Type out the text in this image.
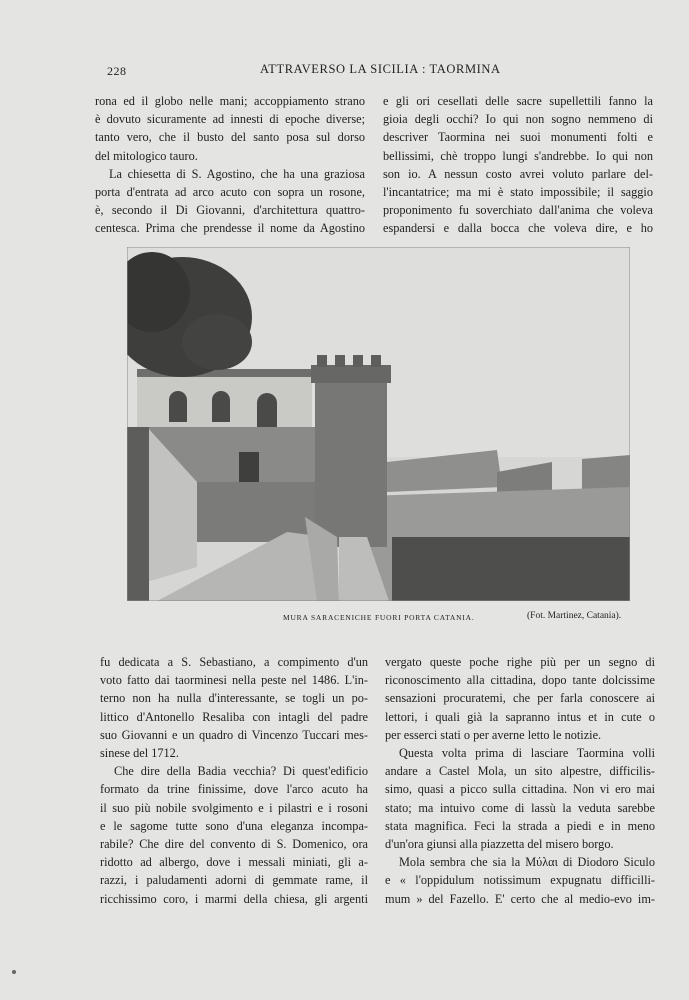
228	ATTRAVERSO LA SICILIA : TAORMINA
rona ed il globo nelle mani; accoppiamento strano
è dovuto sicuramente ad innesti di epoche diverse;
tanto vero, che il busto del santo posa sul dorso
del mitologico tauro.
La chiesetta di S. Agostino, che ha una graziosa
porta d'entrata ad arco acuto con sopra un rosone,
è, secondo il Di Giovanni, d'architettura quattro-
centesca. Prima che prendesse il nome da Agostino
e gli ori cesellati delle sacre supellettili fanno la
gioia degli occhi? Io qui non sogno nemmeno di
descriver Taormina nei suoi monumenti folti e
bellissimi, chè troppo lungi s'andrebbe. Io qui non
son io. A nessun costo avrei voluto parlare del-
l'incantatrice; ma mi è stato impossibile; il saggio
proponimento fu soverchiato dall'anima che voleva
espandersi e dalla bocca che voleva dire, e ho
MURA SARACENICHE FUORI PORTA CATANIA.	(Fot. Martinez, Catania).
fu dedicata a S. Sebastiano, a compimento d'un
voto fatto dai taorminesi nella peste nel 1486. L'in-
terno non ha nulla d'interessante, se togli un po-
littico d'Antonello Resaliba con intagli del padre
suo Giovanni e un quadro di Vincenzo Tuccari mes-
sinese del 1712.
Che dire della Badia vecchia? Di quest'edificio
formato da trine finissime, dove l'arco acuto ha
il suo più nobile svolgimento e i pilastri e i rosoni
e le sagome tutte sono d'una eleganza incompa-
rabile? Che dire del convento di S. Domenico, ora
ridotto ad albergo, dove i messali miniati, gli a-
razzi, i paludamenti adorni di gemmate rame, il
ricchissimo coro, i marmi della chiesa, gli argenti
vergato queste poche righe più per un segno di
riconoscimento alla cittadina, dopo tante dolcissime
sensazioni procuratemi, che per farla conoscere ai
lettori, i quali già la sapranno intus et in cute o
per esserci stati o per averne letto le notizie.
Questa volta prima di lasciare Taormina volli
andare a Castel Mola, un sito alpestre, difficilis-
simo, quasi a picco sulla cittadina. Non vi ero mai
stato; ma intuivo come di lassù la veduta sarebbe
stata magnifica. Feci la strada a piedi e in meno
d'un'ora giunsi alla piazzetta del misero borgo.
Mola sembra che sia la Μύλαι di Diodoro Siculo
e « l'oppidulum notissimum expugnatu difficilli-
mum » del Fazello. E' certo che al medio-evo im-
